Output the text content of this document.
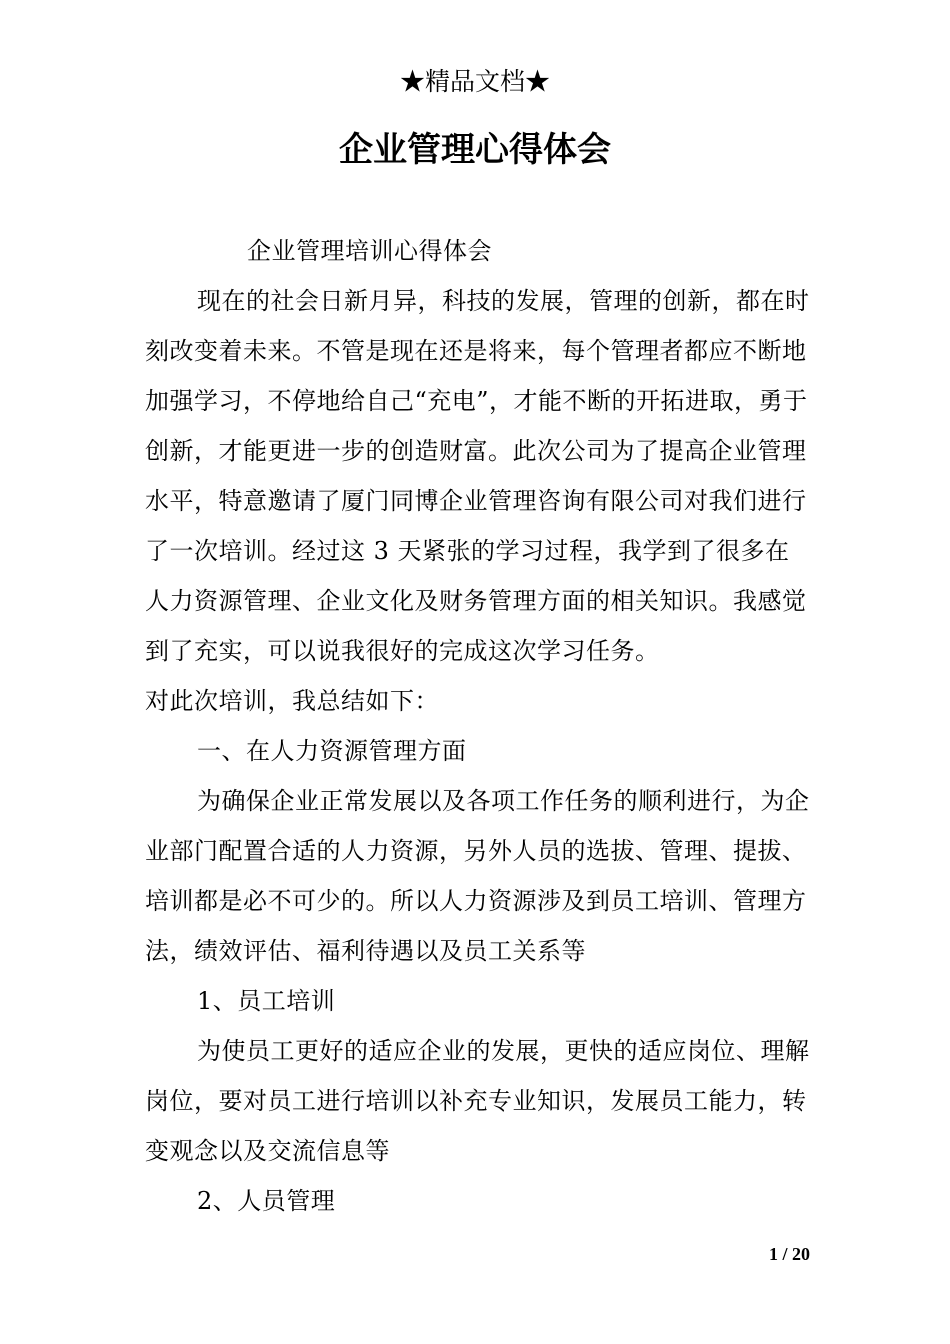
★精品文档★
企业管理心得体会

企业管理培训心得体会

现在的社会日新月异，科技的发展，管理的创新，都在时刻改变着未来。不管是现在还是将来，每个管理者都应不断地加强学习，不停地给自己“充电”，才能不断的开拓进取，勇于创新，才能更进一步的创造财富。此次公司为了提高企业管理水平，特意邀请了厦门同博企业管理咨询有限公司对我们进行了一次培训。经过这 3 天紧张的学习过程，我学到了很多在人力资源管理、企业文化及财务管理方面的相关知识。我感觉到了充实，可以说我很好的完成这次学习任务。

对此次培训，我总结如下：

一、在人力资源管理方面

为确保企业正常发展以及各项工作任务的顺利进行，为企业部门配置合适的人力资源，另外人员的选拔、管理、提拔、培训都是必不可少的。所以人力资源涉及到员工培训、管理方法，绩效评估、福利待遇以及员工关系等

1、员工培训

为使员工更好的适应企业的发展，更快的适应岗位、理解岗位，要对员工进行培训以补充专业知识，发展员工能力，转变观念以及交流信息等

2、人员管理

1 / 20
